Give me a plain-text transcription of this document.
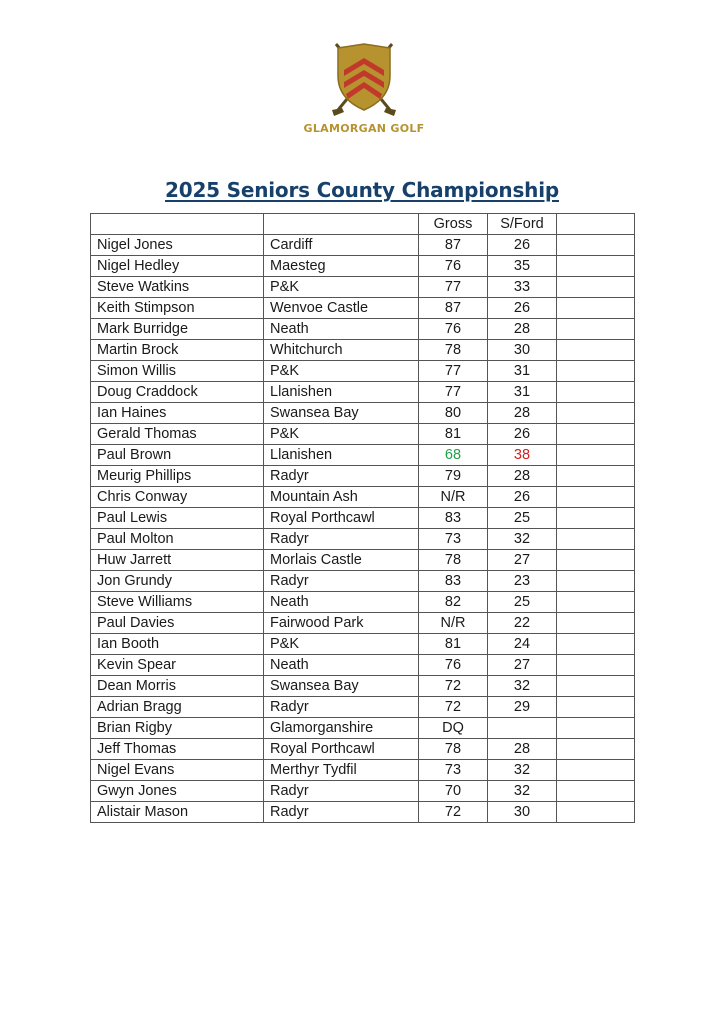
GLAMORGAN GOLF
2025 Seniors County Championship
		Gross	S/Ford	
Nigel Jones	Cardiff	87	26	
Nigel Hedley	Maesteg	76	35	
Steve Watkins	P&K	77	33	
Keith Stimpson	Wenvoe Castle	87	26	
Mark Burridge	Neath	76	28	
Martin Brock	Whitchurch	78	30	
Simon Willis	P&K	77	31	
Doug Craddock	Llanishen	77	31	
Ian Haines	Swansea Bay	80	28	
Gerald Thomas	P&K	81	26	
Paul Brown	Llanishen	68	38	
Meurig Phillips	Radyr	79	28	
Chris Conway	Mountain Ash	N/R	26	
Paul Lewis	Royal Porthcawl	83	25	
Paul Molton	Radyr	73	32	
Huw Jarrett	Morlais Castle	78	27	
Jon Grundy	Radyr	83	23	
Steve Williams	Neath	82	25	
Paul Davies	Fairwood Park	N/R	22	
Ian Booth	P&K	81	24	
Kevin Spear	Neath	76	27	
Dean Morris	Swansea Bay	72	32	
Adrian Bragg	Radyr	72	29	
Brian Rigby	Glamorganshire	DQ		
Jeff Thomas	Royal Porthcawl	78	28	
Nigel Evans	Merthyr Tydfil	73	32	
Gwyn Jones	Radyr	70	32	
Alistair Mason	Radyr	72	30	
